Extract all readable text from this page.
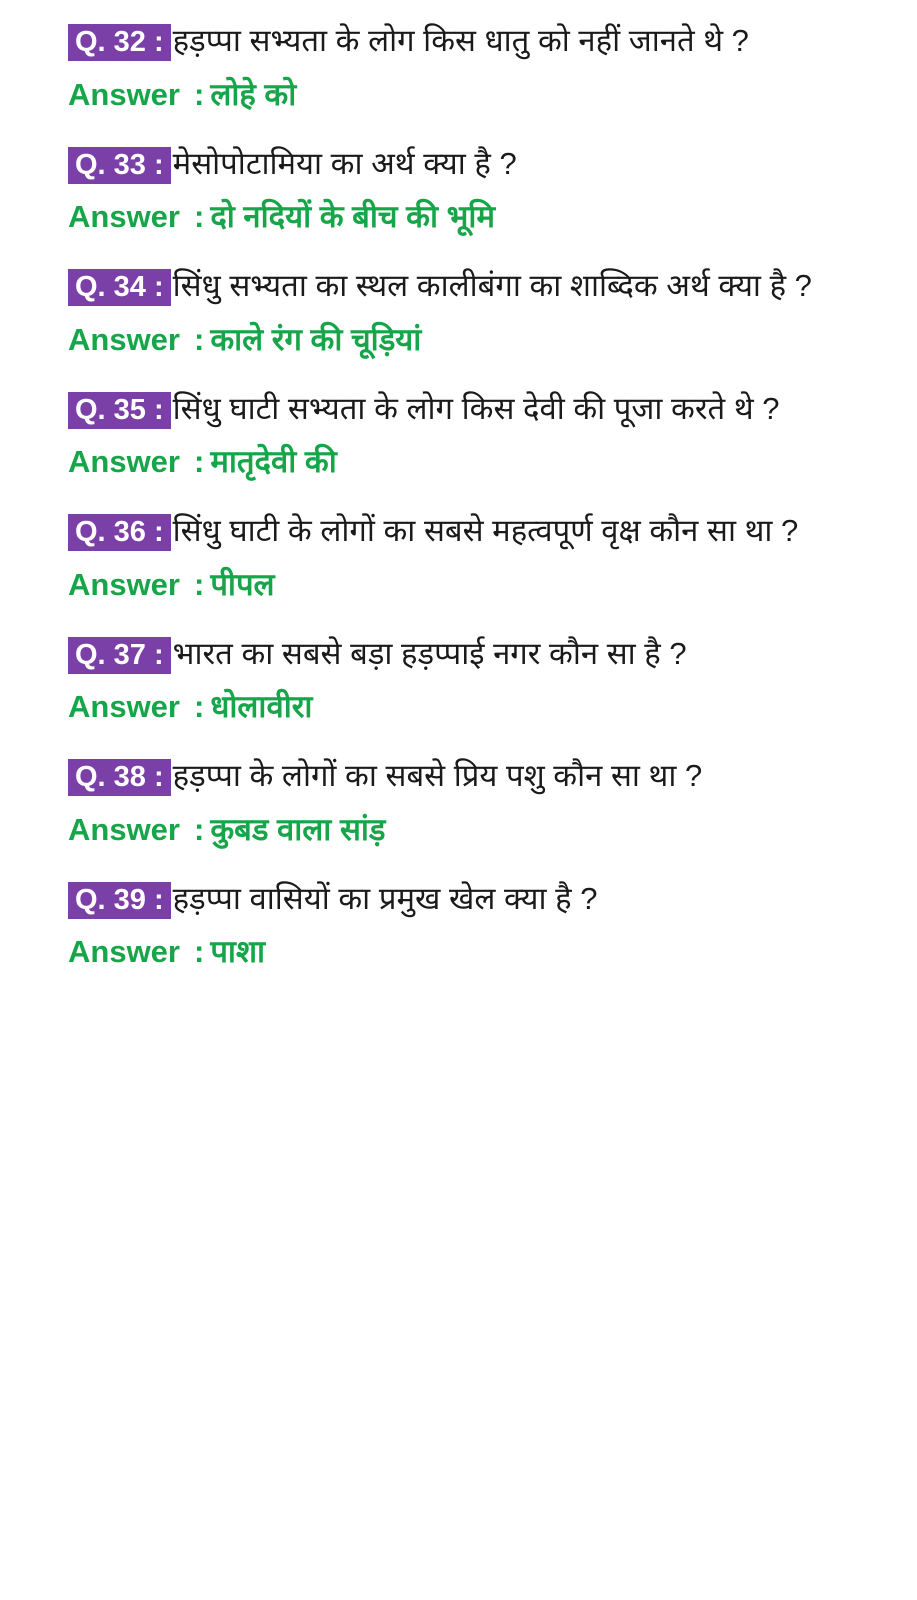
Q. 32 : हड़प्पा सभ्यता के लोग किस धातु को नहीं जानते थे ?
Answer : लोहे को
Q. 33 : मेसोपोटामिया का अर्थ क्या है ?
Answer : दो नदियों के बीच की भूमि
Q. 34 : सिंधु सभ्यता का स्थल कालीबंगा का शाब्दिक अर्थ क्या है ?
Answer : काले रंग की चूड़ियां
Q. 35 : सिंधु घाटी सभ्यता के लोग किस देवी की पूजा करते थे ?
Answer : मातृदेवी की
Q. 36 : सिंधु घाटी के लोगों का सबसे महत्वपूर्ण वृक्ष कौन सा था ?
Answer : पीपल
Q. 37 : भारत का सबसे बड़ा हड़प्पाई नगर कौन सा है ?
Answer : धोलावीरा
Q. 38 : हड़प्पा के लोगों का सबसे प्रिय पशु कौन सा था ?
Answer : कुबड वाला सांड़
Q. 39 : हड़प्पा वासियों का प्रमुख खेल क्या है ?
Answer : पाशा
